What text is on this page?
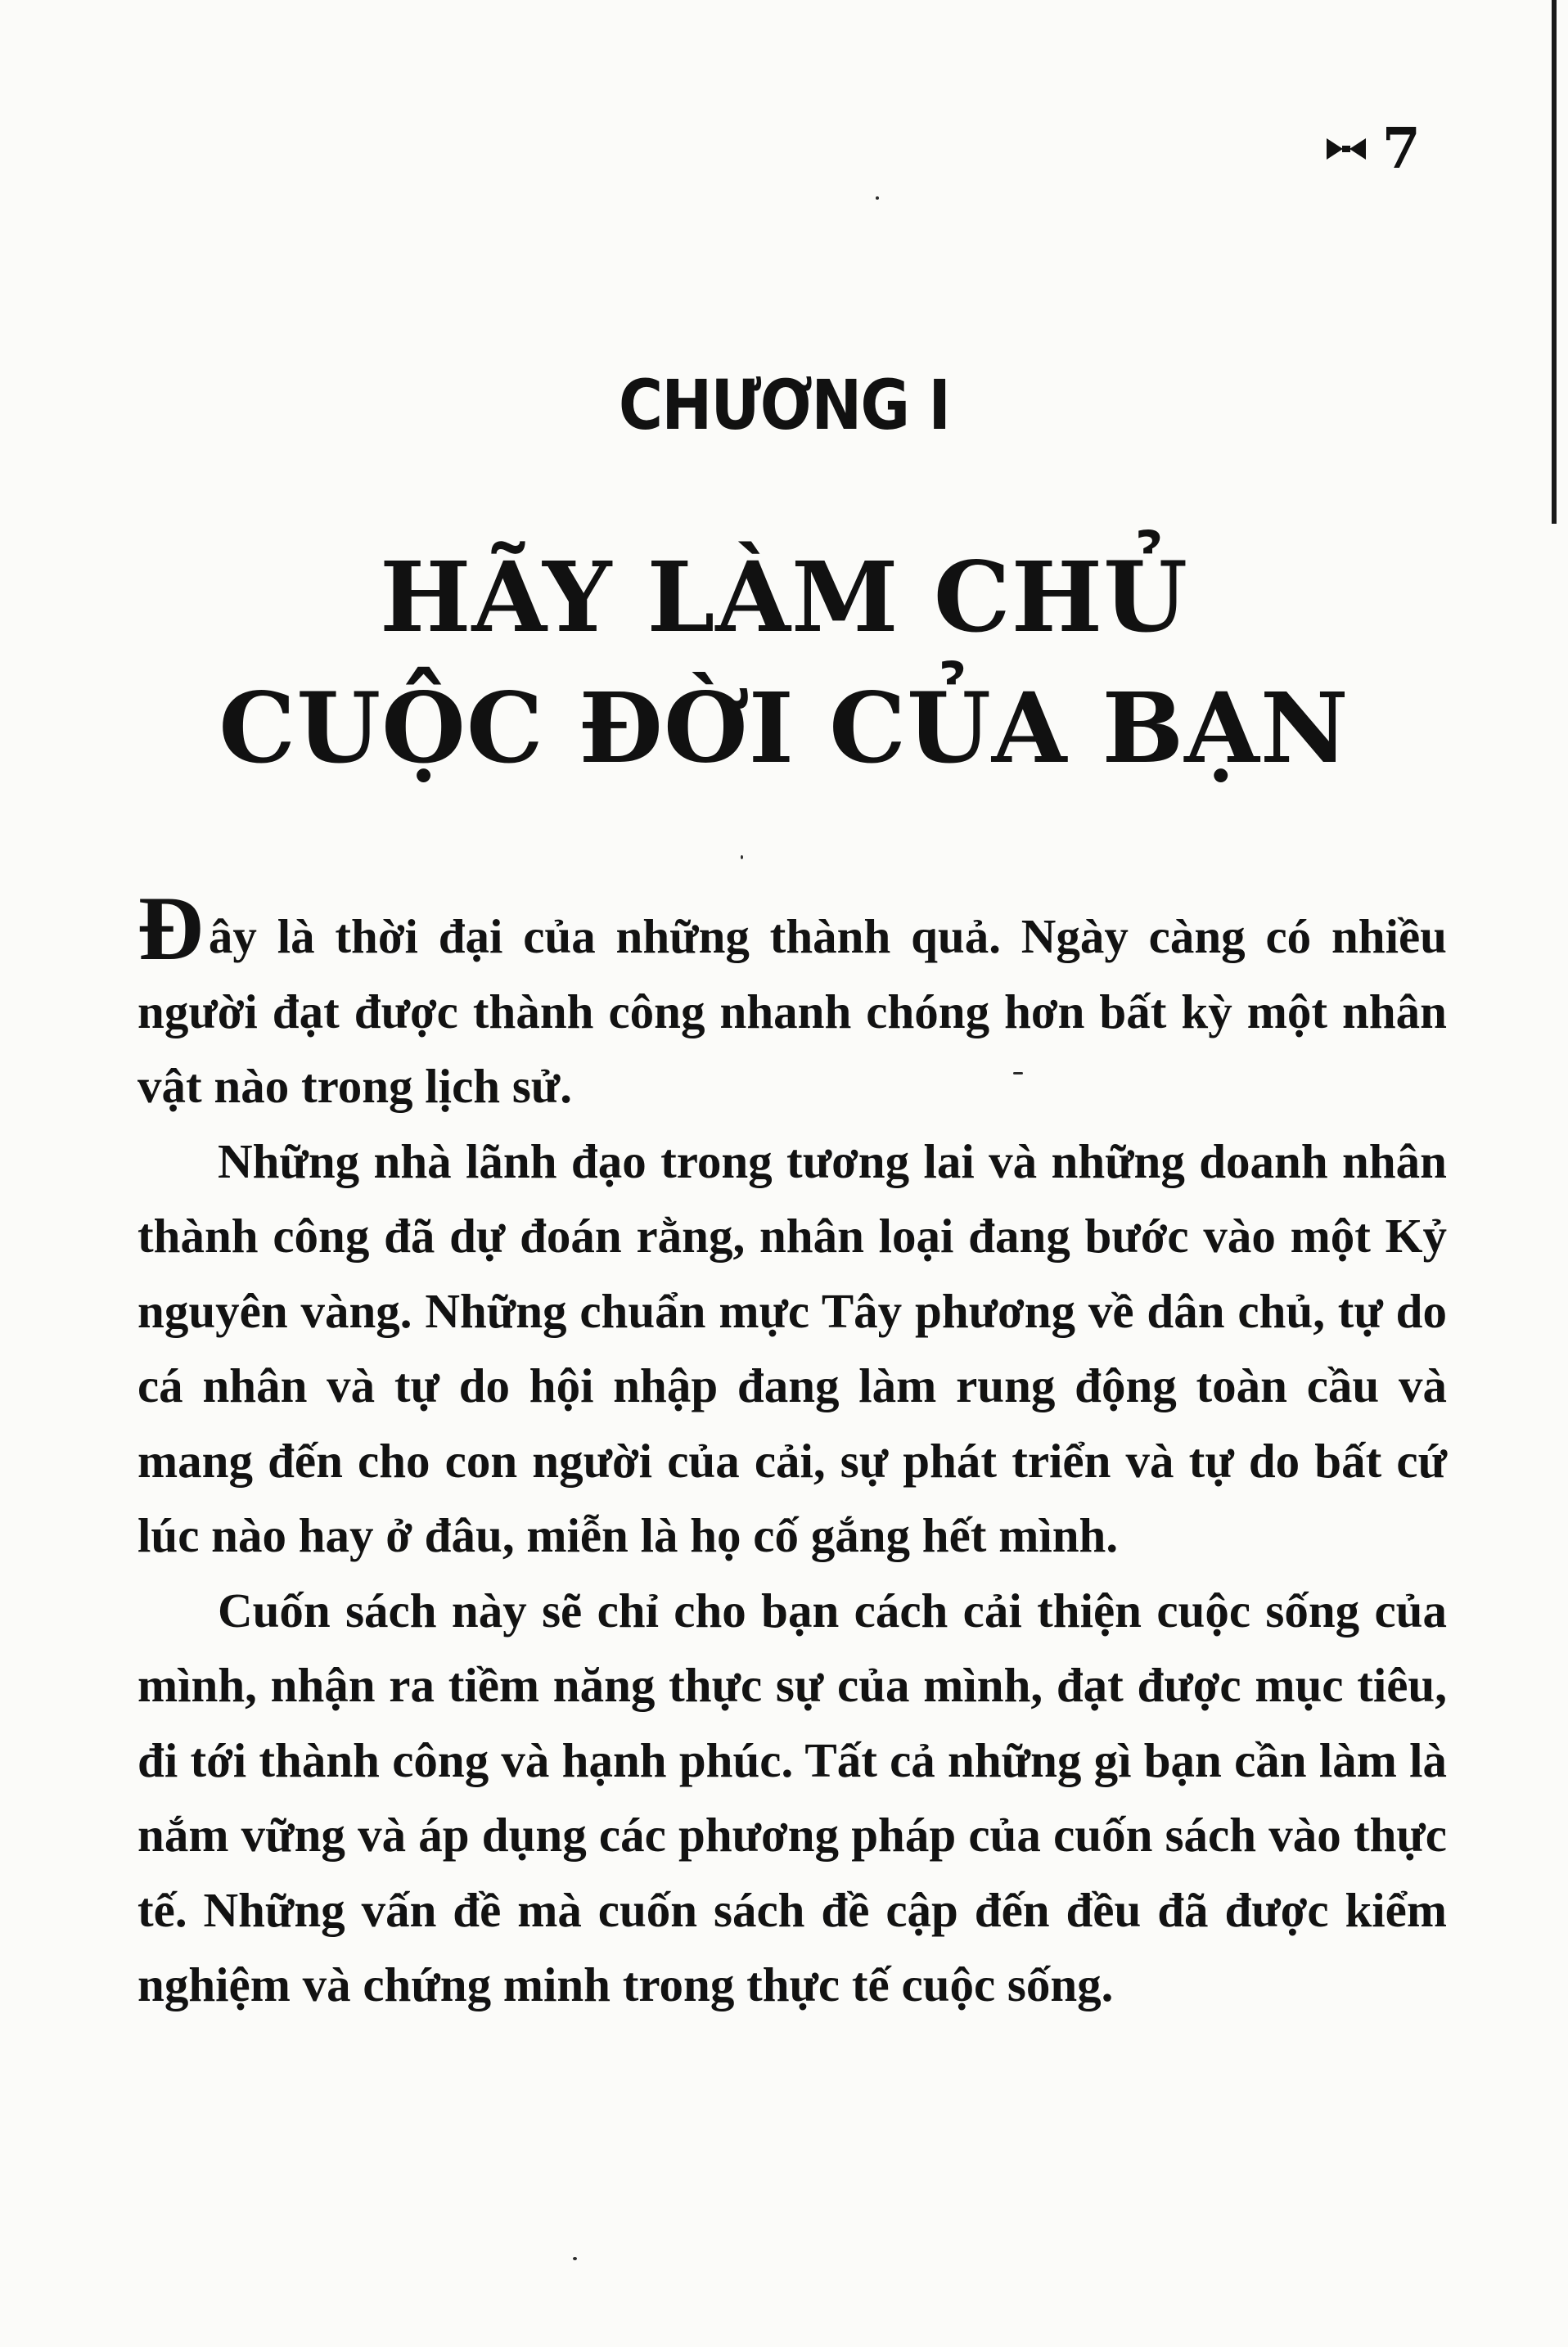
7
CHƯƠNG I
HÃY LÀM CHỦ
CUỘC ĐỜI CỦA BẠN

Đây là thời đại của những thành quả. Ngày càng có nhiều người đạt được thành công nhanh chóng hơn bất kỳ một nhân vật nào trong lịch sử.

Những nhà lãnh đạo trong tương lai và những doanh nhân thành công đã dự đoán rằng, nhân loại đang bước vào một Kỷ nguyên vàng. Những chuẩn mực Tây phương về dân chủ, tự do cá nhân và tự do hội nhập đang làm rung động toàn cầu và mang đến cho con người của cải, sự phát triển và tự do bất cứ lúc nào hay ở đâu, miễn là họ cố gắng hết mình.

Cuốn sách này sẽ chỉ cho bạn cách cải thiện cuộc sống của mình, nhận ra tiềm năng thực sự của mình, đạt được mục tiêu, đi tới thành công và hạnh phúc. Tất cả những gì bạn cần làm là nắm vững và áp dụng các phương pháp của cuốn sách vào thực tế. Những vấn đề mà cuốn sách đề cập đến đều đã được kiểm nghiệm và chứng minh trong thực tế cuộc sống.
